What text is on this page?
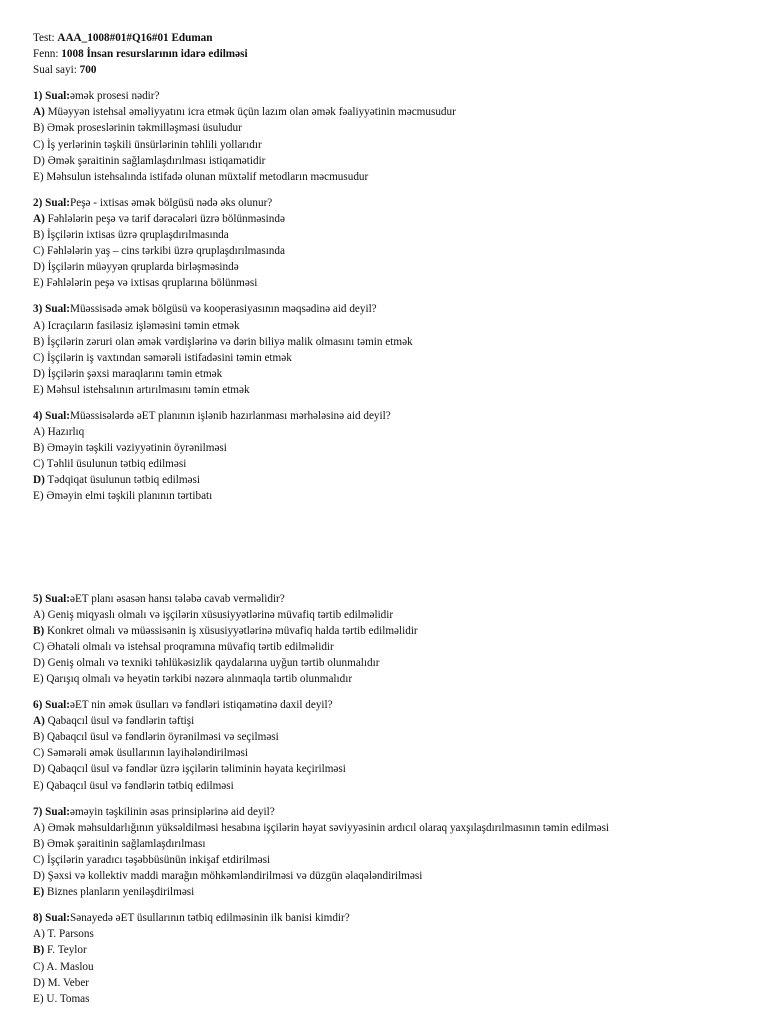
Test: AAA_1008#01#Q16#01 Eduman
Fenn: 1008 İnsan resurslarının idarə edilməsi
Sual sayi: 700
1) Sual:əmək prosesi nədir?
A) Müəyyən istehsal əməliyyatını icra etmək üçün lazım olan əmək fəaliyyətinin məcmusudur
B) Əmək proseslərinin təkmilləşməsi üsuludur
C) İş yerlərinin təşkili ünsürlərinin təhlili yollarıdır
D) Əmək şəraitinin sağlamlaşdırılması istiqamətidir
E) Məhsulun istehsalında istifadə olunan müxtəlif metodların məcmusudur
2) Sual:Peşə - ixtisas əmək bölgüsü nədə əks olunur?
A) Fəhlələrin peşə və tarif dərəcələri üzrə bölünməsində
B) İşçilərin ixtisas üzrə qruplaşdırılmasında
C) Fəhlələrin yaş – cins tərkibi üzrə qruplaşdırılmasında
D) İşçilərin müəyyən qruplarda birləşməsində
E) Fəhlələrin peşə və ixtisas qruplarına bölünməsi
3) Sual:Müəssisədə əmək bölgüsü və kooperasiyasının məqsədinə aid deyil?
A) Icraçıların fasiləsiz işləməsini təmin etmək
B) İşçilərin zəruri olan əmək vərdişlərinə və dərin biliyə malik olmasını təmin etmək
C) İşçilərin iş vaxtından səmərəli istifadəsini təmin etmək
D) İşçilərin şəxsi maraqlarını təmin etmək
E) Məhsul istehsalının artırılmasını təmin etmək
4) Sual:Müəssisələrdə əET planının işlənib hazırlanması mərhələsinə aid deyil?
A) Hazırlıq
B) Əməyin təşkili vəziyyətinin öyrənilməsi
C) Təhlil üsulunun tətbiq edilməsi
D) Tədqiqat üsulunun tətbiq edilməsi
E) Əməyin elmi təşkili planının tərtibatı
5) Sual:əET planı əsasən hansı tələbə cavab verməlidir?
A) Geniş miqyaslı olmalı və işçilərin xüsusiyyətlərinə müvafiq tərtib edilməlidir
B) Konkret olmalı və müəssisənin iş xüsusiyyətlərinə müvafiq halda tərtib edilməlidir
C) Əhatəli olmalı və istehsal proqramına müvafiq tərtib edilməlidir
D) Geniş olmalı və texniki təhlükəsizlik qaydalarına uyğun tərtib olunmalıdır
E) Qarışıq olmalı və heyətin tərkibi nəzərə alınmaqla tərtib olunmalıdır
6) Sual:əET nin əmək üsulları və fəndləri istiqamətinə daxil deyil?
A) Qabaqcıl üsul və fəndlərin təftişi
B) Qabaqcıl üsul və fəndlərin öyrənilməsi və seçilməsi
C) Səmərəli əmək üsullarının layihələndirilməsi
D) Qabaqcıl üsul və fəndlər üzrə işçilərin təliminin həyata keçirilməsi
E) Qabaqcıl üsul və fəndlərin tətbiq edilməsi
7) Sual:əməyin təşkilinin əsas prinsiplərinə aid deyil?
A) Əmək məhsuldarlığının yüksəldilməsi hesabına işçilərin həyat səviyyəsinin ardıcıl olaraq yaxşılaşdırılmasının təmin edilməsi
B) Əmək şəraitinin sağlamlaşdırılması
C) İşçilərin yaradıcı təşəbbüsünün inkişaf etdirilməsi
D) Şəxsi və kollektiv maddi marağın möhkəmləndirilməsi və düzgün əlaqələndirilməsi
E) Biznes planların yeniləşdirilməsi
8) Sual:Sənayedə əET üsullarının tətbiq edilməsinin ilk banisi kimdir?
A) T. Parsons
B) F. Teylor
C) A. Maslou
D) M. Veber
E) U. Tomas
